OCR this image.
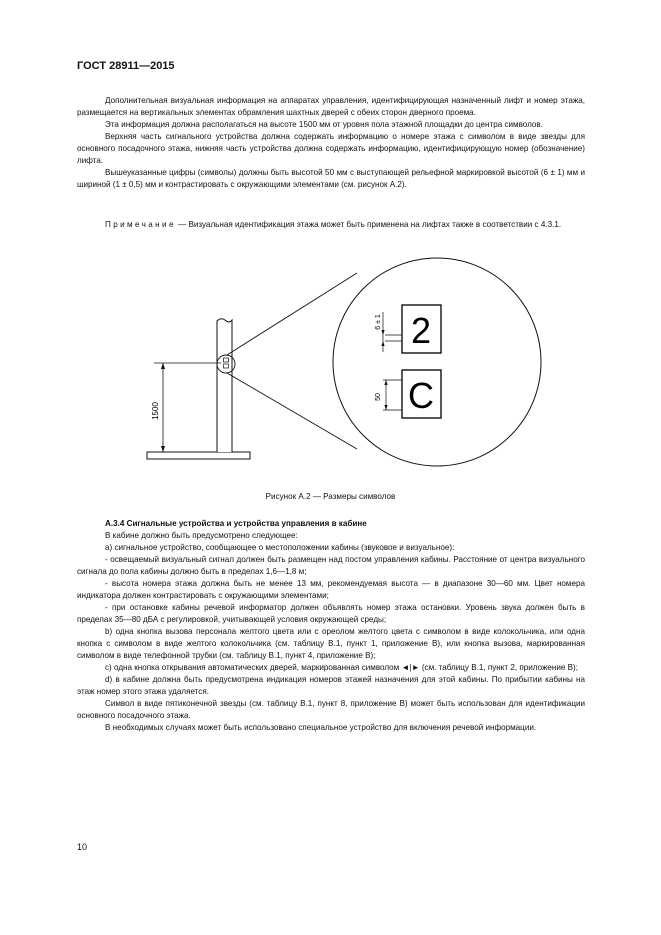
ГОСТ 28911—2015

Дополнительная визуальная информация на аппаратах управления, идентифицирующая назначенный лифт и номер этажа, размещается на вертикальных элементах обрамления шахтных дверей с обеих сторон дверного проема.

Эта информация должна располагаться на высоте 1500 мм от уровня пола этажной площадки до центра символов.

Верхняя часть сигнального устройства должна содержать информацию о номере этажа с символом в виде звезды для основного посадочного этажа, нижняя часть устройства должна содержать информацию, идентифицирующую номер (обозначение) лифта.

Вышеуказанные цифры (символы) должны быть высотой 50 мм с выступающей рельефной маркировкой высотой (6 ± 1) мм и шириной (1 ± 0,5) мм и контрастировать с окружающими элементами (см. рисунок А.2).

Примечание — Визуальная идентификация этажа может быть применена на лифтах также в соответствии с 4.3.1.

1500
2
С
6 ± 1
50
Рисунок А.2 — Размеры символов

А.3.4 Сигнальные устройства и устройства управления в кабине

В кабине должно быть предусмотрено следующее:

а) сигнальное устройство, сообщающее о местоположении кабины (звуковое и визуальное):

- освещаемый визуальный сигнал должен быть размещен над постом управления кабины. Расстояние от центра визуального сигнала до пола кабины должно быть в пределах 1,6—1,8 м;

- высота номера этажа должна быть не менее 13 мм, рекомендуемая высота — в диапазоне 30—60 мм. Цвет номера индикатора должен контрастировать с окружающими элементами;

- при остановке кабины речевой информатор должен объявлять номер этажа остановки. Уровень звука должен быть в пределах 35—80 дБА с регулировкой, учитывающей условия окружающей среды;

b) одна кнопка вызова персонала желтого цвета или с ореолом желтого цвета с символом в виде колокольчика, или одна кнопка с символом в виде желтого колокольчика (см. таблицу В.1, пункт 1, приложение В), или кнопка вызова, маркированная символом в виде телефонной трубки (см. таблицу В.1, пункт 4, приложение В);

c) одна кнопка открывания автоматических дверей, маркированная символом ◄|► (см. таблицу В.1, пункт 2, приложение В);

d) в кабине должна быть предусмотрена индикация номеров этажей назначения для этой кабины. По прибытии кабины на этаж номер этого этажа удаляется.

Символ в виде пятиконечной звезды (см. таблицу В.1, пункт 8, приложение В) может быть использован для идентификации основного посадочного этажа.

В необходимых случаях может быть использовано специальное устройство для включения речевой информации.

10
